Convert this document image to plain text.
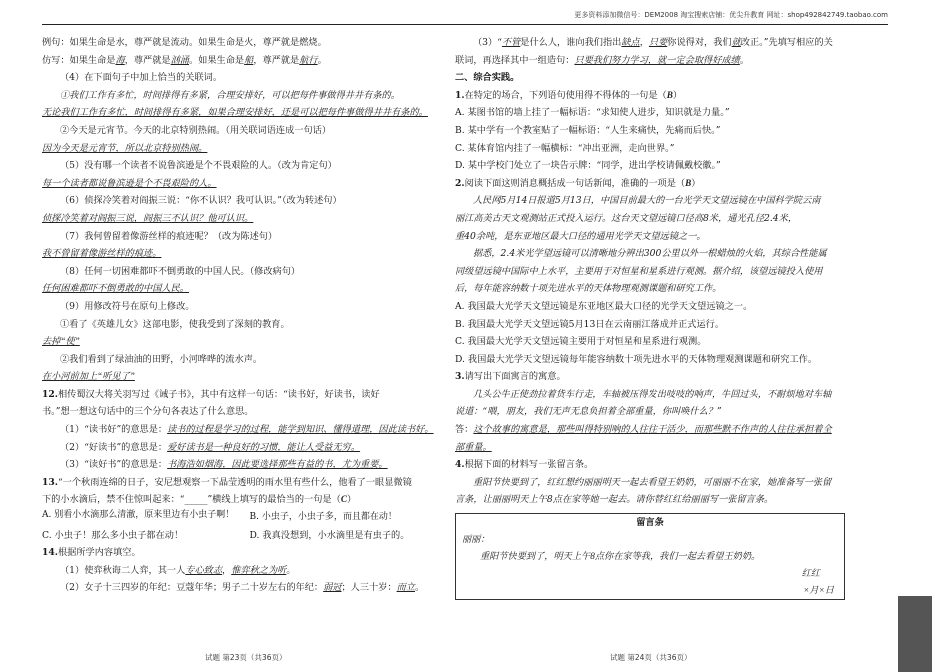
更多资料添加微信号：DEM2008 淘宝搜索店铺：优尖升教育 网址：shop492842749.taobao.com
例句：如果生命是水，尊严就是流动。如果生命是火，尊严就是燃烧。
仿写：如果生命是海，尊严就是汹涌。如果生命是船，尊严就是航行。
（4）在下面句子中加上恰当的关联词。
①我们工作有多忙，时间排得有多紧，合理安排好，可以把每件事做得井井有条的。
无论我们工作有多忙，时间排得有多紧，如果合理安排好，还是可以把每件事做得井井有条的。
②今天是元宵节。今天的北京特别热闹。（用关联词语连成一句话）
因为今天是元宵节，所以北京特别热闹。
（5）没有哪一个读者不说鲁滨逊是个不畏艰险的人。（改为肯定句）
每一个读者都说鲁滨逊是个不畏艰险的人。
（6）侦探冷笑着对阎振三说：“你不认识？我可认识。”（改为转述句）
侦探冷笑着对阎振三说，阎振三不认识？他可认识。
（7）我何曾留着像游丝样的痕迹呢？（改为陈述句）
我不曾留着像游丝样的痕迹。
（8）任何一切困难都吓不倒勇敢的中国人民。（修改病句）
任何困难都吓不倒勇敢的中国人民。
（9）用修改符号在原句上修改。
①看了《英雄儿女》这部电影，使我受到了深刻的教育。
去掉“使”
②我们看到了绿油油的田野，小河哗哗的流水声。
在小河前加上“听见了”
12.相传蜀汉大将关羽写过《诫子书》，其中有这样一句话：“读书好，好读书，读好
书。”想一想这句话中的三个分句各表达了什么意思。
（1）“读书好”的意思是：读书的过程是学习的过程，能学到知识、懂得道理，因此读书好。
（2）“好读书”的意思是：爱好读书是一种良好的习惯，能让人受益无穷。
（3）“读好书”的意思是：书海浩如烟海，因此要选择那些有益的书，尤为重要。
13.“一个秋雨连绵的日子，安尼想观察一下晶莹透明的雨水里有些什么，他看了一眼显微镜
下的小水滴后，禁不住惊叫起来：“_____”横线上填写的最恰当的一句是（C）
A. 别看小水滴那么清澈，原来里边有小虫子啊！	B. 小虫子，小虫子多，而且都在动！
C. 小虫子！那么多小虫子都在动！	D. 我真没想到，小水滴里是有虫子的。
14.根据所学内容填空。
（1）使弈秋诲二人弈，其一人专心致志，惟弈秋之为听。
（2）女子十三四岁的年纪：豆蔻年华；男子二十岁左右的年纪：弱冠；人三十岁：而立。
（3）“不管是什么人，谁向我们指出缺点，只要你说得对，我们就改正。”先填写相应的关
联词，再选择其中一组造句：只要我们努力学习，就一定会取得好成绩。
二、综合实践。
1.在特定的场合，下列语句使用得不得体的一句是（B）
A. 某图书馆的墙上挂了一幅标语：“求知使人进步，知识就是力量。”
B. 某中学有一个教室贴了一幅标语：“人生来痛快，先痛而后快。”
C. 某体育馆内挂了一幅横标：“冲出亚洲，走向世界。”
D. 某中学校门处立了一块告示牌：“同学，进出学校请佩戴校徽。”
2.阅读下面这则消息概括成一句话新闻，准确的一项是（B）
人民网5月14日报道5月13日，中国目前最大的一台光学天文望远镜在中国科学院云南
丽江高美古天文观测站正式投入运行。这台天文望远镜口径高8米，通光孔径2.4米，
重40余吨，是东亚地区最大口径的通用光学天文望远镜之一。
据悉，2.4米光学望远镜可以清晰地分辨出300公里以外一根蜡烛的火焰，其综合性能属
同级望远镜中国际中上水平，主要用于对恒星和星系进行观测。据介绍，该望远镜投入使用
后，每年能容纳数十项先进水平的天体物理观测课题和研究工作。
A. 我国最大光学天文望远镜是东亚地区最大口径的光学天文望远镜之一。
B. 我国最大光学天文望远镜5月13日在云南丽江落成并正式运行。
C. 我国最大光学天文望远镜主要用于对恒星和星系进行观测。
D. 我国最大光学天文望远镜每年能容纳数十项先进水平的天体物理观测课题和研究工作。
3.请写出下面寓言的寓意。
几头公牛正使劲拉着货车行走，车轴被压得发出吱吱的响声，牛回过头，不耐烦地对车轴
说道：“喂，朋友，我们无声无息负担着全部重量，你叫唤什么？”
答：这个故事的寓意是，那些叫得特别响的人往往干活少，而那些默不作声的人往往承担着全
部重量。
4.根据下面的材料写一张留言条。
重阳节快要到了，红红想约丽丽明天一起去看望王奶奶，可丽丽不在家，她准备写一张留
言条，让丽丽明天上午8点在家等她一起去。请你替红红给丽丽写一张留言条。
留言条
丽丽：
重阳节快要到了，明天上午8点你在家等我，我们一起去看望王奶奶。
红红
×月×日
试题 第23页（共36页）	试题 第24页（共36页）
